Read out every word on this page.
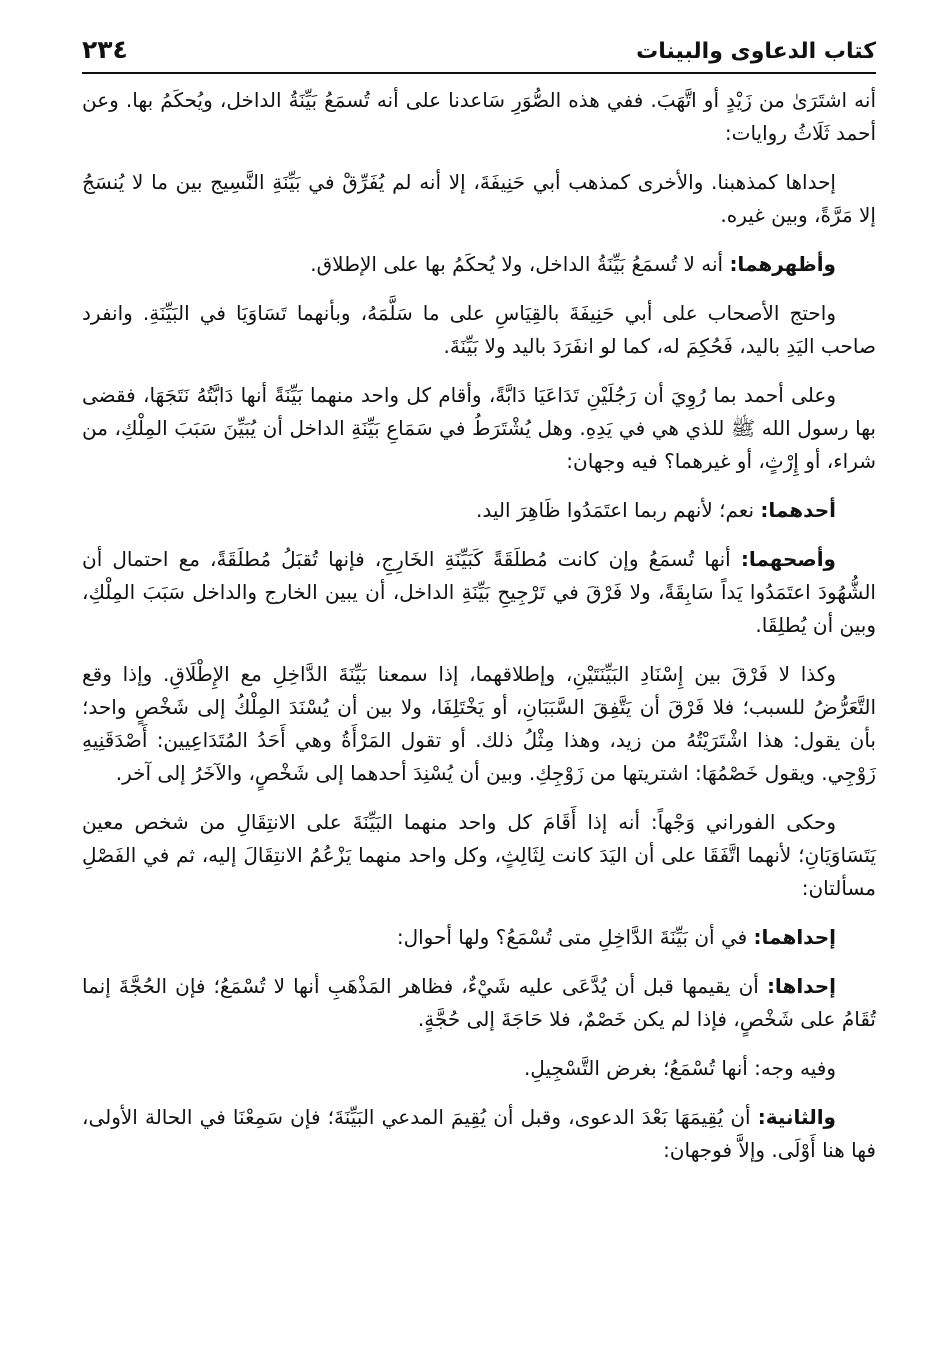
كتاب الدعاوى والبينات
٢٣٤

أنه اشتَرَىٰ من زَيْدٍ أو اتَّهَبَ. ففي هذه الصُّوَرِ سَاعدنا على أنه تُسمَعُ بَيِّنَةُ الداخل، ويُحكَمُ بها. وعن أحمد ثَلَاثُ روايات:

إحداها كمذهبنا. والأخرى كمذهب أبي حَنِيفَةَ، إلا أنه لم يُفَرِّقْ في بَيِّنَةِ النَّسِيج بين ما لا يُنسَجُ إلا مَرَّةً، وبين غيره.

وأظهرهما: أنه لا تُسمَعُ بَيِّنَةُ الداخل، ولا يُحكَمُ بها على الإطلاق.

واحتج الأصحاب على أبي حَنِيفَةَ بالقِيَاسِ على ما سَلَّمَهُ، وبأنهما تَسَاوَيَا في البَيِّنَةِ. وانفرد صاحب اليَدِ باليد، فَحُكِمَ له، كما لو انفَرَدَ باليد ولا بَيِّنَةَ.

وعلى أحمد بما رُوِيَ أن رَجُلَيْنِ تَدَاعَيَا دَابَّةً، وأقام كل واحد منهما بَيِّنَةً أنها دَابَّتُهُ نَتَجَهَا، فقضى بها رسول الله ﷺ للذي هي في يَدِهِ. وهل يُشْتَرَطُ في سَمَاعِ بَيِّنَةِ الداخل أن يُبَيِّنَ سَبَبَ المِلْكِ، من شراء، أو إِرْثٍ، أو غيرهما؟ فيه وجهان:

أحدهما: نعم؛ لأنهم ربما اعتَمَدُوا ظَاهِرَ اليد.

وأصحهما: أنها تُسمَعُ وإن كانت مُطلَقَةً كَبَيِّنَةِ الخَارِجِ، فإنها تُقبَلُ مُطلَقَةً، مع احتمال أن الشُّهُودَ اعتَمَدُوا يَداً سَابِقَةً، ولا فَرْقَ في تَرْجِيحِ بَيِّنَةِ الداخل، أن يبين الخارج والداخل سَبَبَ المِلْكِ، وبين أن يُطلِقَا.

وكذا لا فَرْقَ بين إِسْنَادِ البَيِّنَتَيْنِ، وإطلاقهما، إذا سمعنا بَيِّنَةَ الدَّاخِلِ مع الإِطْلَاقِ. وإذا وقع التَّعَرُّضُ للسبب؛ فلا فَرْقَ أن يَتَّفِقَ السَّبَبَانِ، أو يَخْتَلِفَا، ولا بين أن يُسْنَدَ المِلْكُ إلى شَخْصٍ واحد؛ بأن يقول: هذا اشْتَرَيْتُهُ من زيد، وهذا مِثْلُ ذلك. أو تقول المَرْأَةُ وهي أَحَدُ المُتَدَاعِيين: أَصْدَقَنِيهِ زَوْجِي. ويقول خَصْمُهَا: اشتريتها من زَوْجِكِ. وبين أن يُسْنِدَ أحدهما إلى شَخْصٍ، والآخَرُ إلى آخر.

وحكى الفوراني وَجْهاً: أنه إذا أَقَامَ كل واحد منهما البَيِّنَةَ على الانتِقَالِ من شخص معين يَتَسَاوَيَانِ؛ لأنهما اتَّفَقَا على أن اليَدَ كانت لِثَالِثٍ، وكل واحد منهما يَزْعُمُ الانتِقَالَ إليه، ثم في الفَصْلِ مسألتان:

إحداهما: في أن بَيِّنَةَ الدَّاخِلِ متى تُسْمَعُ؟ ولها أحوال:

إحداها: أن يقيمها قبل أن يُدَّعَى عليه شَيْءٌ، فظاهر المَذْهَبِ أنها لا تُسْمَعُ؛ فإن الحُجَّةَ إنما تُقَامُ على شَخْصٍ، فإذا لم يكن خَصْمٌ، فلا حَاجَةَ إلى حُجَّةٍ.

وفيه وجه: أنها تُسْمَعُ؛ بغرض التَّسْجِيلِ.

والثانية: أن يُقِيمَهَا بَعْدَ الدعوى، وقبل أن يُقِيمَ المدعي البَيِّنَةَ؛ فإن سَمِعْنَا في الحالة الأولى، فها هنا أَوْلَى. وإلاَّ فوجهان:
